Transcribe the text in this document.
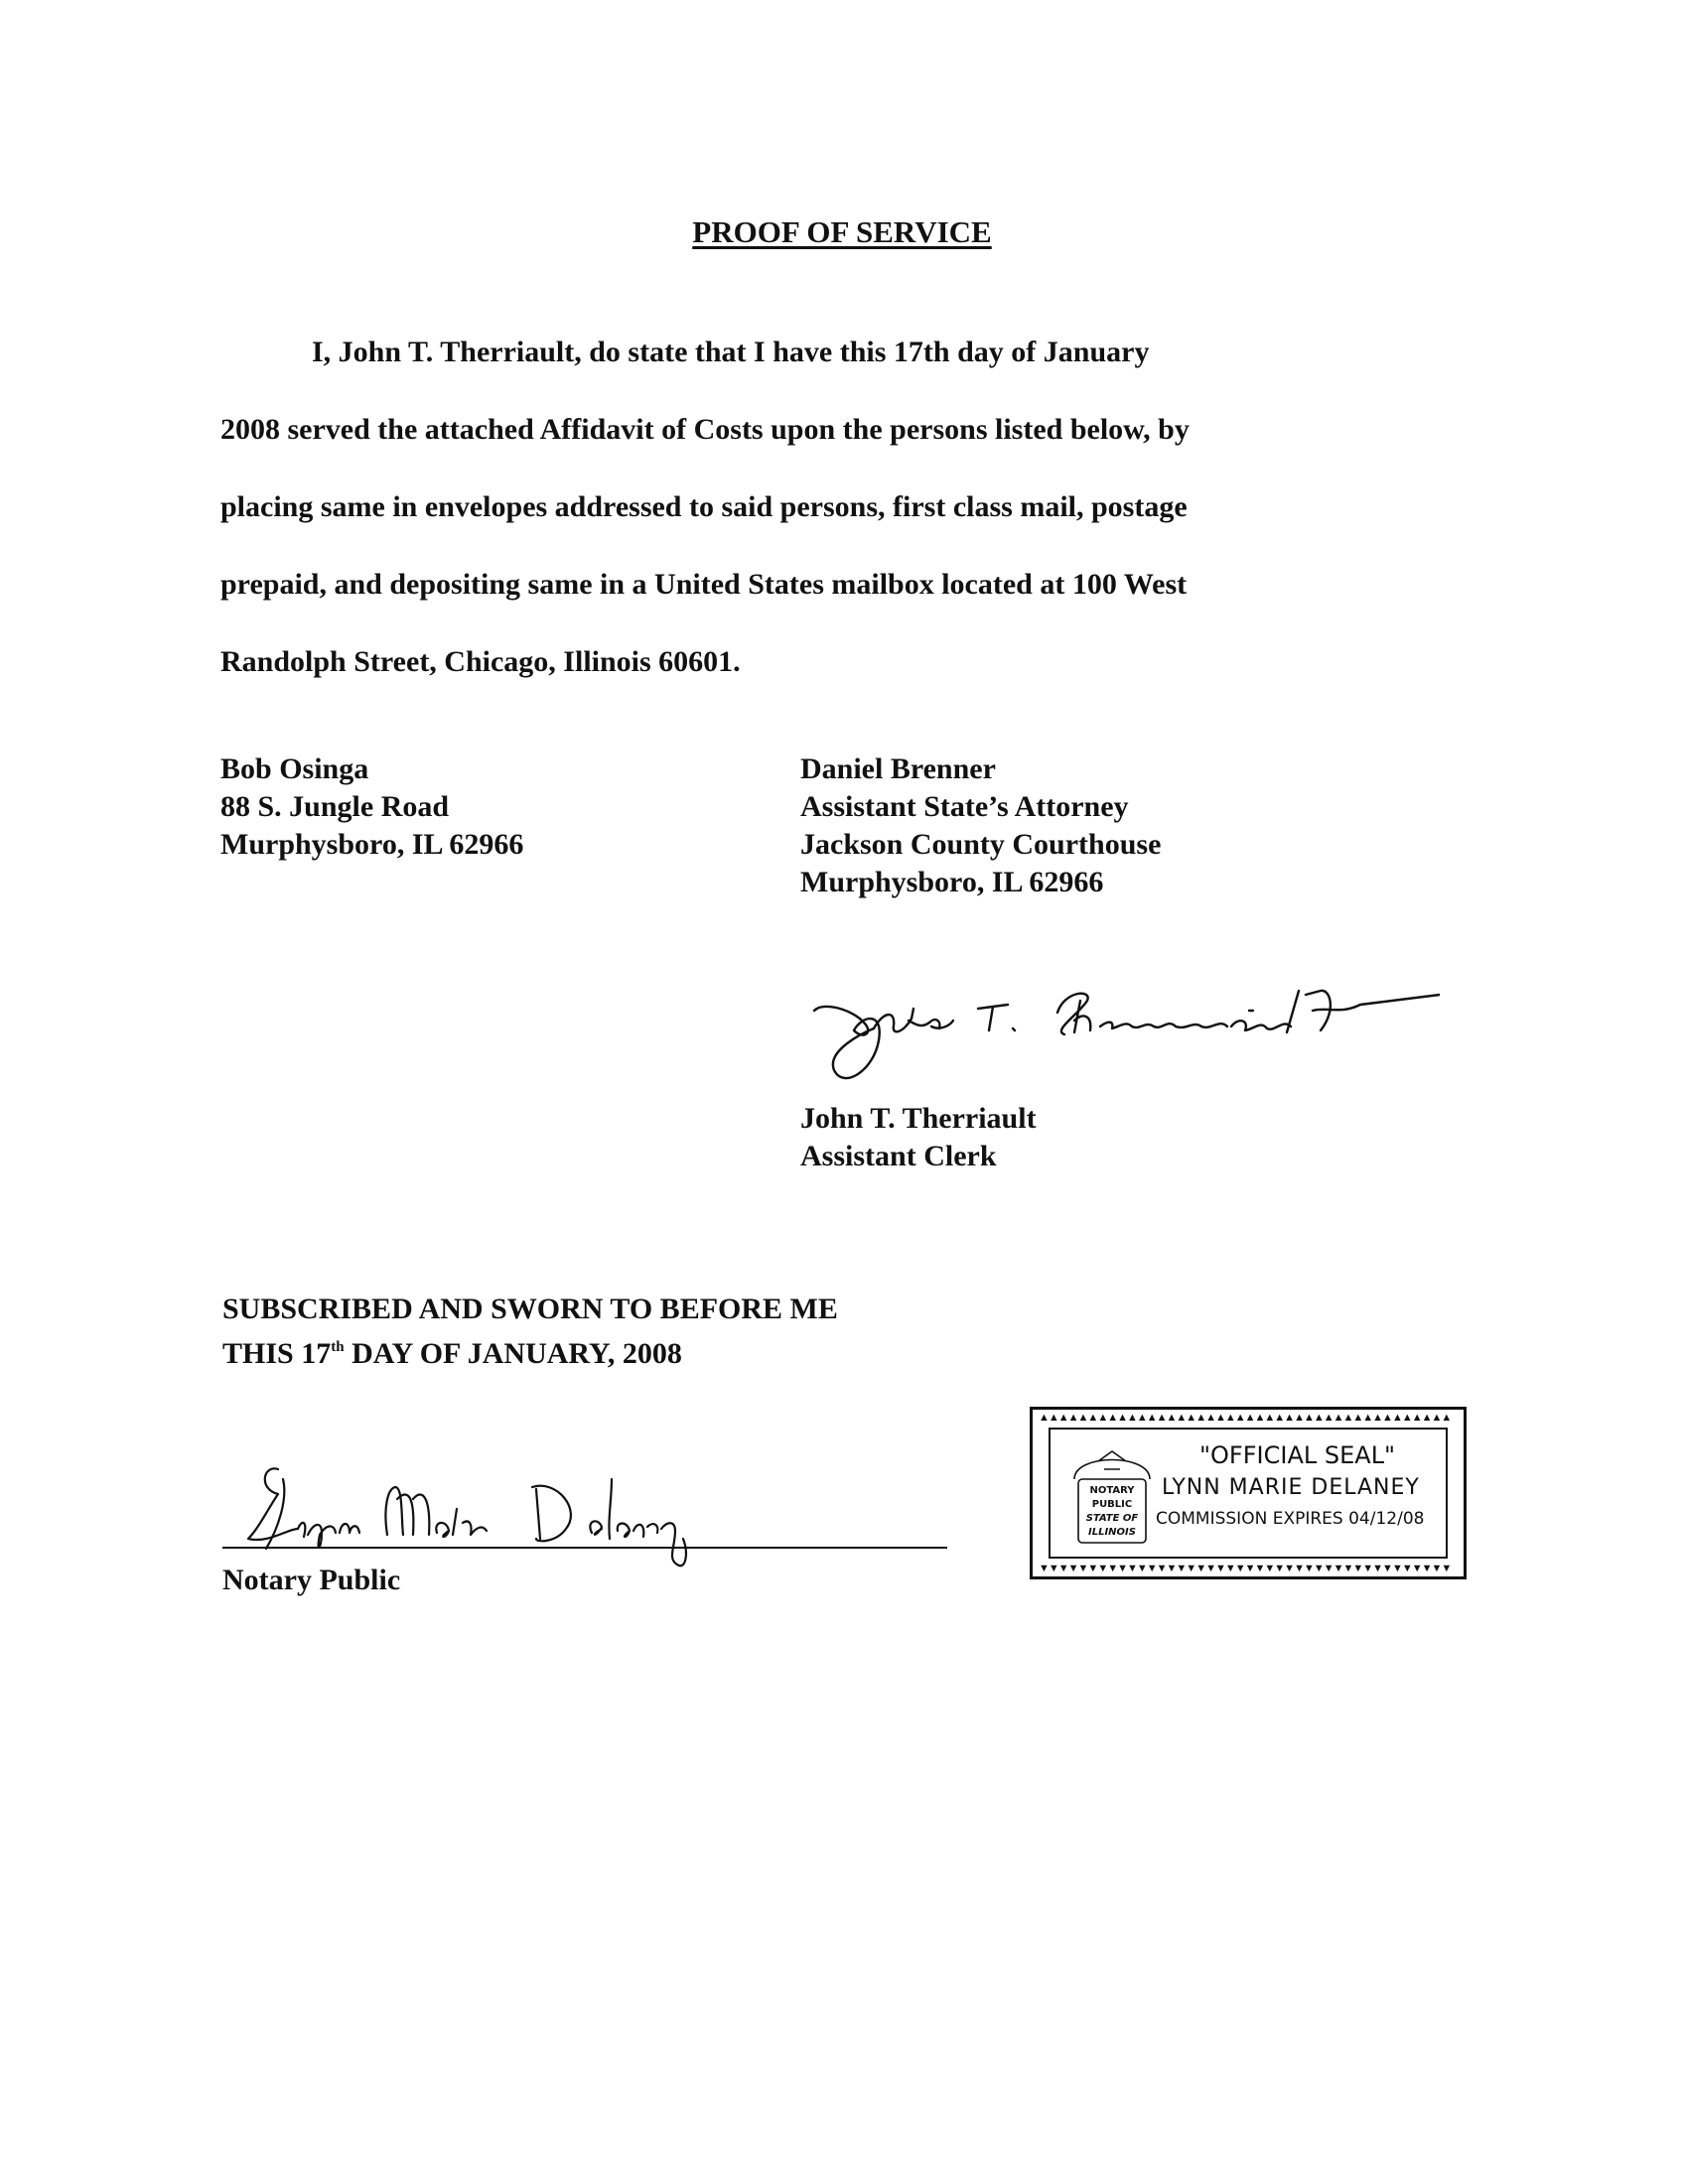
PROOF OF SERVICE
I, John T. Therriault, do state that I have this 17th day of January
2008 served the attached Affidavit of Costs upon the persons listed below, by
placing same in envelopes addressed to said persons, first class mail, postage
prepaid, and depositing same in a United States mailbox located at 100 West
Randolph Street, Chicago, Illinois 60601.
Bob Osinga
88 S. Jungle Road
Murphysboro, IL 62966
Daniel Brenner
Assistant State’s Attorney
Jackson County Courthouse
Murphysboro, IL 62966
John T. Therriault
Assistant Clerk
SUBSCRIBED AND SWORN TO BEFORE ME
THIS 17th DAY OF JANUARY, 2008
Notary Public
▲▲▲▲▲▲▲▲▲▲▲▲▲▲▲▲▲▲▲▲▲▲▲▲▲▲▲▲▲▲▲▲▲▲▲▲▲▲▲▲▲▲
▼▼▼▼▼▼▼▼▼▼▼▼▼▼▼▼▼▼▼▼▼▼▼▼▼▼▼▼▼▼▼▼▼▼▼▼▼▼▼▼▼▼
NOTARY
PUBLIC
STATE OF
ILLINOIS
"OFFICIAL SEAL"
LYNN MARIE DELANEY
COMMISSION EXPIRES 04/12/08
